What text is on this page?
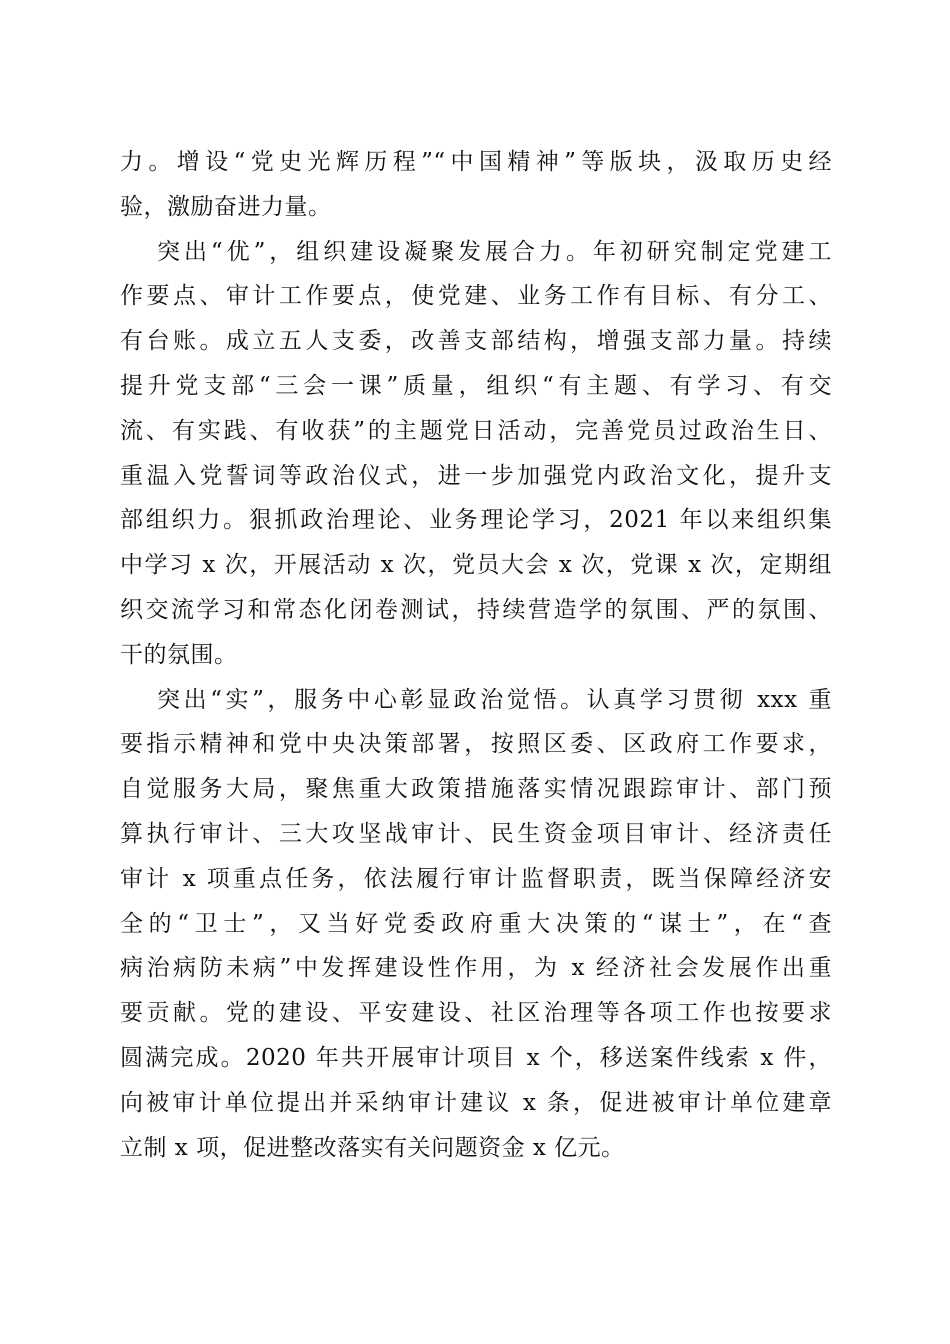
力。增设“党史光辉历程”“中国精神”等版块，汲取历史经
验，激励奋进力量。
突出“优”，组织建设凝聚发展合力。年初研究制定党建工
作要点、审计工作要点，使党建、业务工作有目标、有分工、
有台账。成立五人支委，改善支部结构，增强支部力量。持续
提升党支部“三会一课”质量，组织“有主题、有学习、有交
流、有实践、有收获”的主题党日活动，完善党员过政治生日、
重温入党誓词等政治仪式，进一步加强党内政治文化，提升支
部组织力。狠抓政治理论、业务理论学习，2021 年以来组织集
中学习 x 次，开展活动 x 次，党员大会 x 次，党课 x 次，定期组
织交流学习和常态化闭卷测试，持续营造学的氛围、严的氛围、
干的氛围。
突出“实”，服务中心彰显政治觉悟。认真学习贯彻 xxx 重
要指示精神和党中央决策部署，按照区委、区政府工作要求，
自觉服务大局，聚焦重大政策措施落实情况跟踪审计、部门预
算执行审计、三大攻坚战审计、民生资金项目审计、经济责任
审计 x 项重点任务，依法履行审计监督职责，既当保障经济安
全的“卫士”，又当好党委政府重大决策的“谋士”，在“查
病治病防未病”中发挥建设性作用，为 x 经济社会发展作出重
要贡献。党的建设、平安建设、社区治理等各项工作也按要求
圆满完成。2020 年共开展审计项目 x 个，移送案件线索 x 件，
向被审计单位提出并采纳审计建议 x 条，促进被审计单位建章
立制 x 项，促进整改落实有关问题资金 x 亿元。
